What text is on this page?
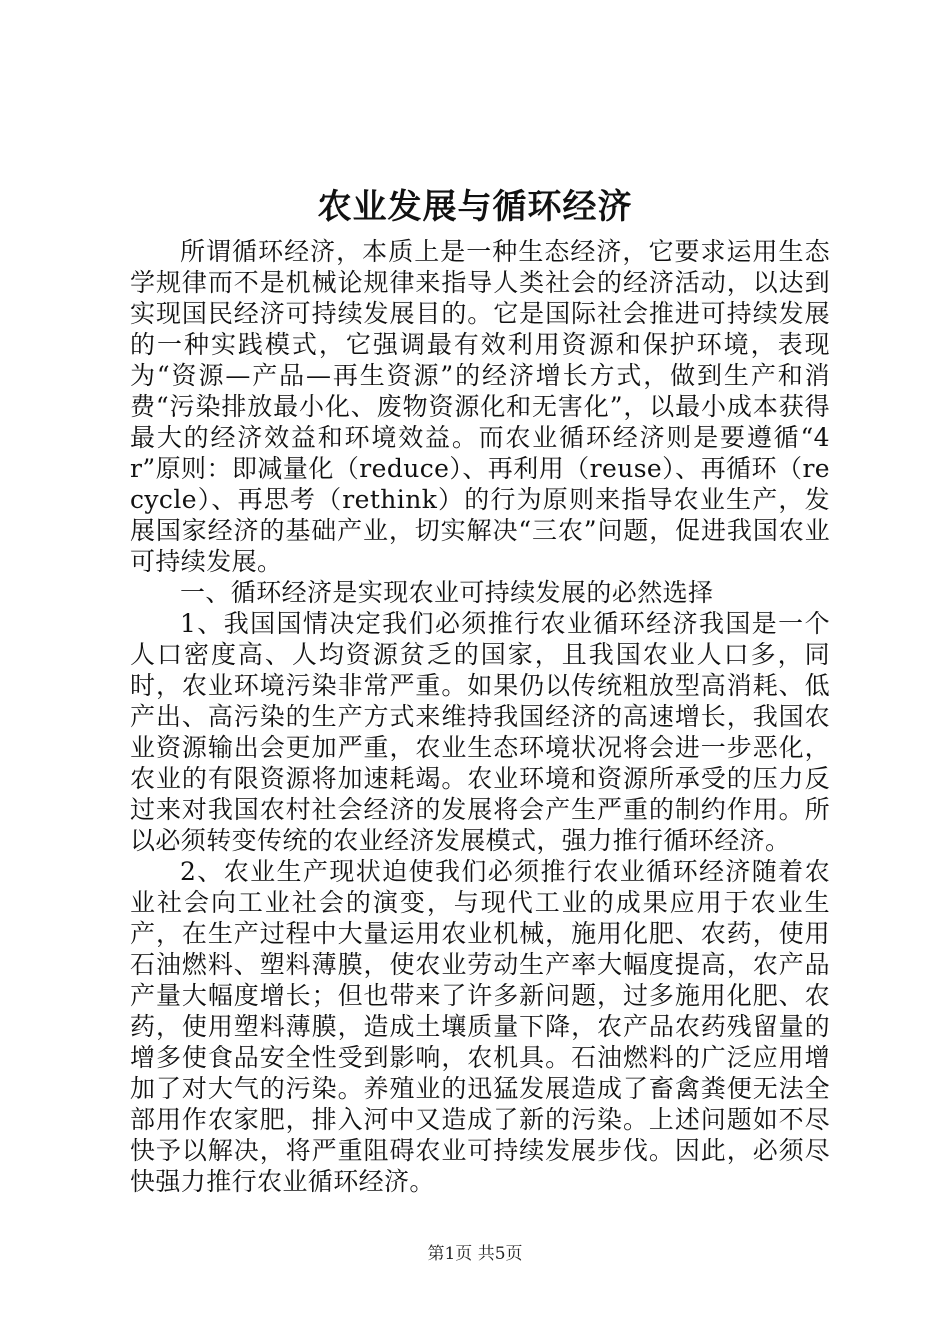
农业发展与循环经济

所谓循环经济，本质上是一种生态经济，它要求运用生态学规律而不是机械论规律来指导人类社会的经济活动，以达到实现国民经济可持续发展目的。它是国际社会推进可持续发展的一种实践模式，它强调最有效利用资源和保护环境，表现为“资源—产品—再生资源”的经济增长方式，做到生产和消费“污染排放最小化、废物资源化和无害化”，以最小成本获得最大的经济效益和环境效益。而农业循环经济则是要遵循“4r”原则：即减量化（reduce）、再利用（reuse）、再循环（recycle）、再思考（rethink）的行为原则来指导农业生产，发展国家经济的基础产业，切实解决“三农”问题，促进我国农业可持续发展。

一、循环经济是实现农业可持续发展的必然选择

1、我国国情决定我们必须推行农业循环经济我国是一个人口密度高、人均资源贫乏的国家，且我国农业人口多，同时，农业环境污染非常严重。如果仍以传统粗放型高消耗、低产出、高污染的生产方式来维持我国经济的高速增长，我国农业资源输出会更加严重，农业生态环境状况将会进一步恶化，农业的有限资源将加速耗竭。农业环境和资源所承受的压力反过来对我国农村社会经济的发展将会产生严重的制约作用。所以必须转变传统的农业经济发展模式，强力推行循环经济。

2、农业生产现状迫使我们必须推行农业循环经济随着农业社会向工业社会的演变，与现代工业的成果应用于农业生产，在生产过程中大量运用农业机械，施用化肥、农药，使用石油燃料、塑料薄膜，使农业劳动生产率大幅度提高，农产品产量大幅度增长；但也带来了许多新问题，过多施用化肥、农药，使用塑料薄膜，造成土壤质量下降，农产品农药残留量的增多使食品安全性受到影响，农机具。石油燃料的广泛应用增加了对大气的污染。养殖业的迅猛发展造成了畜禽粪便无法全部用作农家肥，排入河中又造成了新的污染。上述问题如不尽快予以解决，将严重阻碍农业可持续发展步伐。因此，必须尽快强力推行农业循环经济。

第1页 共5页
